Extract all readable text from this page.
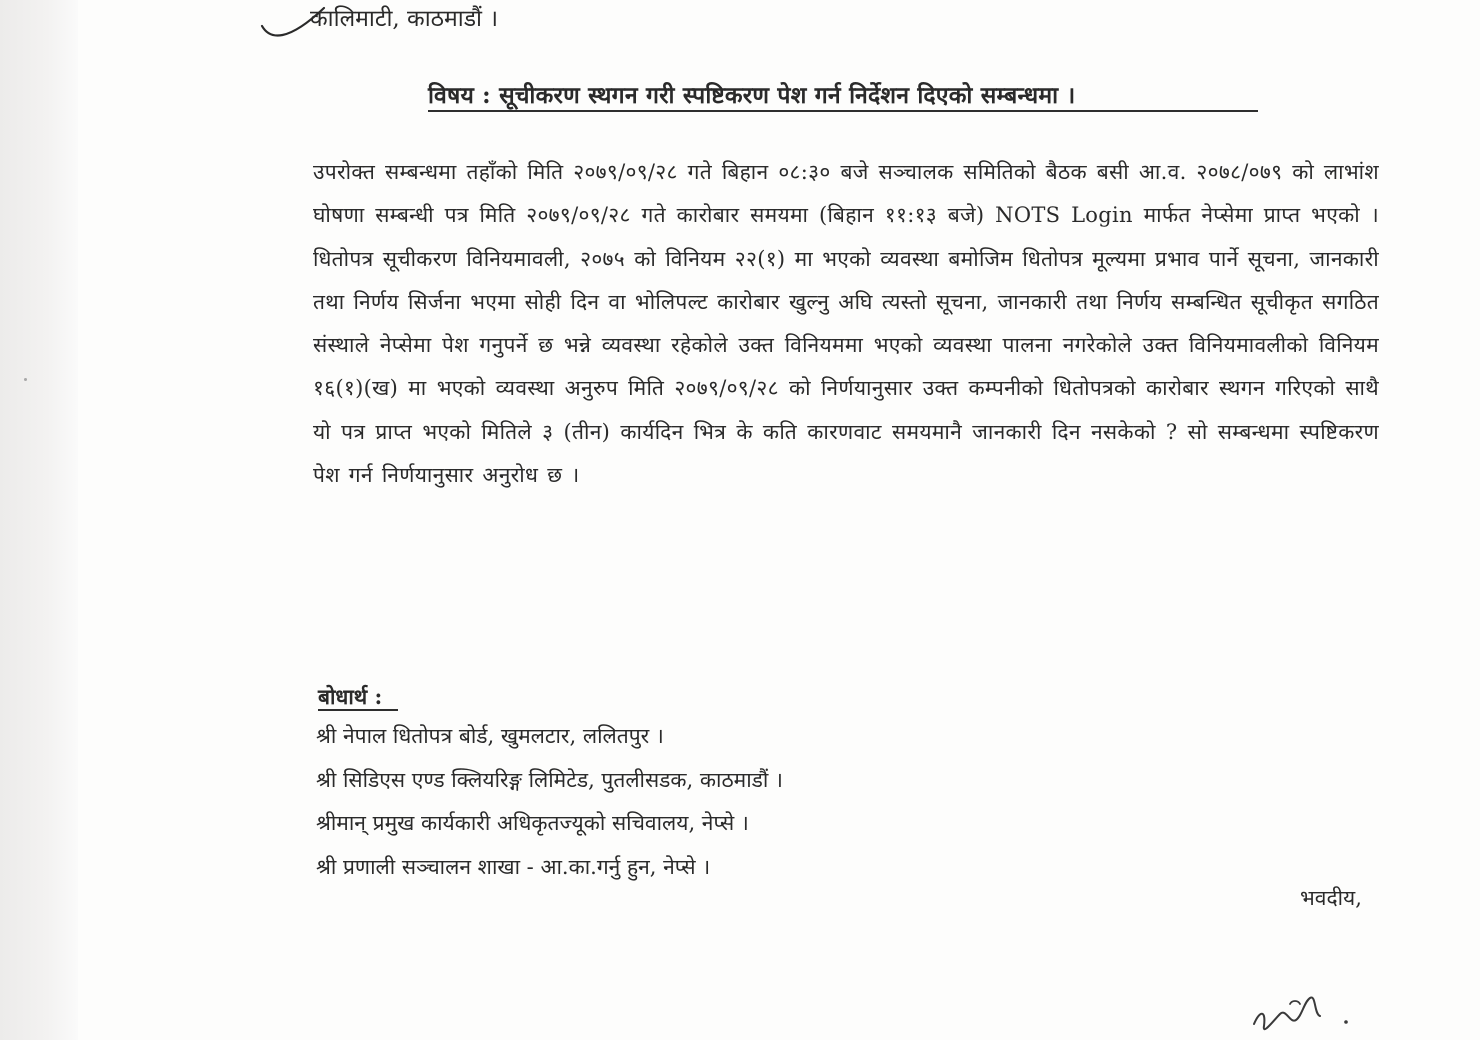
कालिमाटी, काठमाडौं ।
विषय : सूचीकरण स्थगन गरी स्पष्टिकरण पेश गर्न निर्देशन दिएको सम्बन्धमा ।
उपरोक्त सम्बन्धमा तहाँको मिति २०७९/०९/२८ गते बिहान ०८:३० बजे सञ्चालक समितिको बैठक बसी आ.व. २०७८/०७९ को लाभांश घोषणा सम्बन्धी पत्र मिति २०७९/०९/२८ गते कारोबार समयमा (बिहान ११:१३ बजे) NOTS Login मार्फत नेप्सेमा प्राप्त भएको । धितोपत्र सूचीकरण विनियमावली, २०७५ को विनियम २२(१) मा भएको व्यवस्था बमोजिम धितोपत्र मूल्यमा प्रभाव पार्ने सूचना, जानकारी तथा निर्णय सिर्जना भएमा सोही दिन वा भोलिपल्ट कारोबार खुल्नु अघि त्यस्तो सूचना, जानकारी तथा निर्णय सम्बन्धित सूचीकृत सगठित संस्थाले नेप्सेमा पेश गनुपर्ने छ भन्ने व्यवस्था रहेकोले उक्त विनियममा भएको व्यवस्था पालना नगरेकोले उक्त विनियमावलीको विनियम १६(१)(ख) मा भएको व्यवस्था अनुरुप मिति २०७९/०९/२८ को निर्णयानुसार उक्त कम्पनीको धितोपत्रको कारोबार स्थगन गरिएको साथै यो पत्र प्राप्त भएको मितिले ३ (तीन) कार्यदिन भित्र के कति कारणवाट समयमानै जानकारी दिन नसकेको ? सो सम्बन्धमा स्पष्टिकरण पेश गर्न निर्णयानुसार अनुरोध छ ।
बोधार्थ :
श्री नेपाल धितोपत्र बोर्ड, खुमलटार, ललितपुर ।
श्री सिडिएस एण्ड क्लियरिङ्ग लिमिटेड, पुतलीसडक, काठमाडौं ।
श्रीमान् प्रमुख कार्यकारी अधिकृतज्यूको सचिवालय, नेप्से ।
श्री प्रणाली सञ्चालन शाखा - आ.का.गर्नु हुन, नेप्से ।
भवदीय,
